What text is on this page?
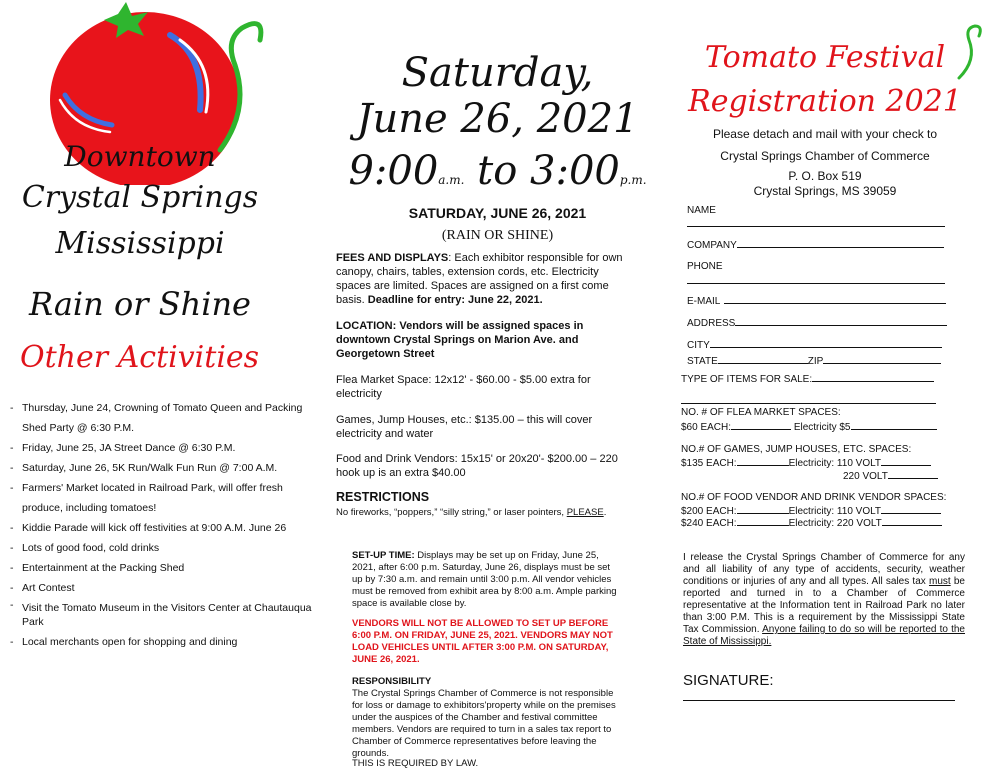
Downtown
Crystal Springs
Mississippi
Rain or Shine
Other Activities
- Thursday, June 24, Crowning of Tomato Queen and Packing Shed Party @ 6:30 P.M.
- Friday, June 25, JA Street Dance @ 6:30 P.M.
- Saturday, June 26, 5K Run/Walk Fun Run @ 7:00 A.M.
- Farmers' Market located in Railroad Park, will offer fresh produce, including tomatoes!
- Kiddie Parade will kick off festivities at 9:00 A.M. June 26
- Lots of good food, cold drinks
- Entertainment at the Packing Shed
- Art Contest
- Visit the Tomato Museum in the Visitors Center at Chautauqua Park
- Local merchants open for shopping and dining
Saturday,
June 26, 2021
9:00a.m. to 3:00p.m.
SATURDAY, JUNE 26, 2021
(RAIN OR SHINE)

FEES AND DISPLAYS: Each exhibitor responsible for own canopy, chairs, tables, extension cords, etc. Electricity spaces are limited. Spaces are assigned on a first come basis. Deadline for entry: June 22, 2021.

LOCATION: Vendors will be assigned spaces in downtown Crystal Springs on Marion Ave. and Georgetown Street

Flea Market Space: 12x12' - $60.00 - $5.00 extra for electricity

Games, Jump Houses, etc.: $135.00 – this will cover electricity and water

Food and Drink Vendors: 15x15' or 20x20'- $200.00 – 220 hook up is an extra $40.00

RESTRICTIONS
No fireworks, “poppers,” “silly string,” or laser pointers, PLEASE.

SET-UP TIME: Displays may be set up on Friday, June 25, 2021, after 6:00 p.m. Saturday, June 26, displays must be set up by 7:30 a.m. and remain until 3:00 p.m. All vendor vehicles must be removed from exhibit area by 8:00 a.m. Ample parking space is available close by.

VENDORS WILL NOT BE ALLOWED TO SET UP BEFORE 6:00 P.M. ON FRIDAY, JUNE 25, 2021. VENDORS MAY NOT LOAD VEHICLES UNTIL AFTER 3:00 P.M. ON SATURDAY, JUNE 26, 2021.

RESPONSIBILITY

The Crystal Springs Chamber of Commerce is not responsible for loss or damage to exhibitors'property while on the premises under the auspices of the Chamber and festival committee members. Vendors are required to turn in a sales tax report to Chamber of Commerce representatives before leaving the grounds.

THIS IS REQUIRED BY LAW.

Tomato Festival
Registration 2021
Please detach and mail with your check to
Crystal Springs Chamber of Commerce
P. O. Box 519
Crystal Springs, MS 39059
NAME
COMPANY
PHONE
E-MAIL
ADDRESS
CITY
STATE	ZIP
TYPE OF ITEMS FOR SALE:
NO. # OF FLEA MARKET SPACES:
$60 EACH:	Electricity $5
NO.# OF GAMES, JUMP HOUSES, ETC. SPACES:
$135 EACH:	Electricity: 110 VOLT
220 VOLT
NO.# OF FOOD VENDOR AND DRINK VENDOR SPACES:
$200 EACH:	Electricity: 110 VOLT
$240 EACH:	Electricity: 220 VOLT

I release the Crystal Springs Chamber of Commerce for any and all liability of any type of accidents, security, weather conditions or injuries of any and all types. All sales tax must be reported and turned in to a Chamber of Commerce representative at the Information tent in Railroad Park no later than 3:00 P.M. This is a requirement by the Mississippi State Tax Commission. Anyone failing to do so will be reported to the State of Mississippi.

SIGNATURE:
